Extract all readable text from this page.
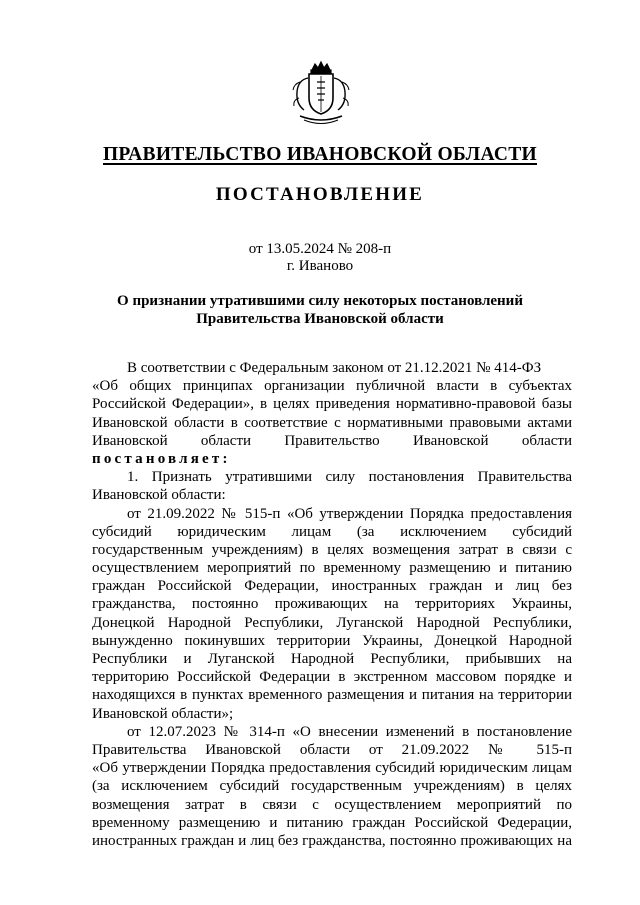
ПРАВИТЕЛЬСТВО ИВАНОВСКОЙ ОБЛАСТИ
ПОСТАНОВЛЕНИЕ
от 13.05.2024 № 208-п
г. Иваново
О признании утратившими силу некоторых постановлений
Правительства Ивановской области
В соответствии с Федеральным законом от 21.12.2021 № 414-ФЗ
«Об общих принципах организации публичной власти в субъектах
Российской Федерации», в целях приведения нормативно-правовой базы
Ивановской области в соответствие с нормативными правовыми актами
Ивановской области Правительство Ивановской области
постановляет:
1. Признать утратившими силу постановления Правительства
Ивановской области:
от 21.09.2022 № 515-п «Об утверждении Порядка предоставления
субсидий юридическим лицам (за исключением субсидий
государственным учреждениям) в целях возмещения затрат в связи с
осуществлением мероприятий по временному размещению и питанию
граждан Российской Федерации, иностранных граждан и лиц без
гражданства, постоянно проживающих на территориях Украины,
Донецкой Народной Республики, Луганской Народной Республики,
вынужденно покинувших территории Украины, Донецкой Народной
Республики и Луганской Народной Республики, прибывших на
территорию Российской Федерации в экстренном массовом порядке и
находящихся в пунктах временного размещения и питания на территории
Ивановской области»;
от 12.07.2023 № 314-п «О внесении изменений в постановление
Правительства Ивановской области от 21.09.2022 № 515-п
«Об утверждении Порядка предоставления субсидий юридическим лицам
(за исключением субсидий государственным учреждениям) в целях
возмещения затрат в связи с осуществлением мероприятий по
временному размещению и питанию граждан Российской Федерации,
иностранных граждан и лиц без гражданства, постоянно проживающих на
